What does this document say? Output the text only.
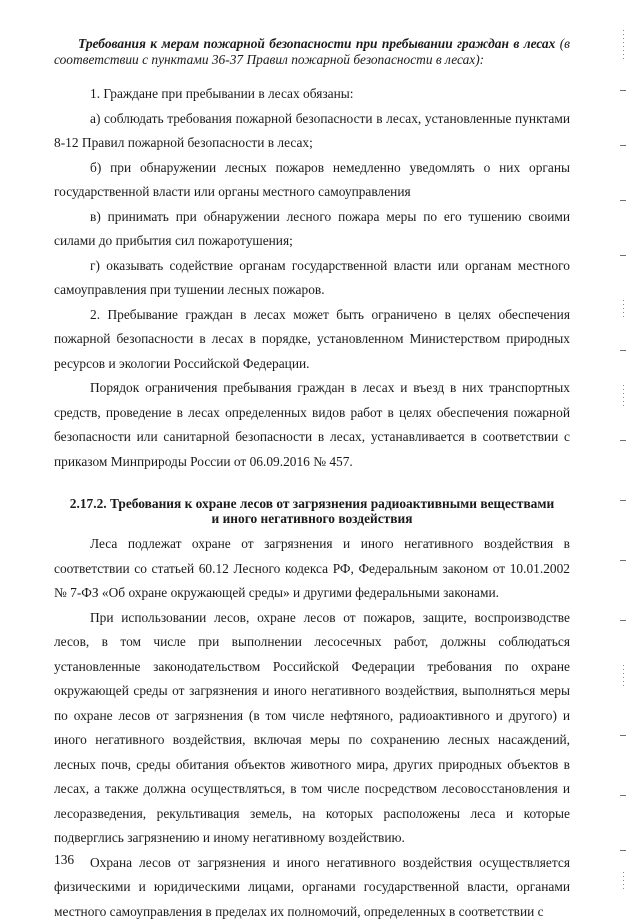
Требования к мерам пожарной безопасности при пребывании граждан в лесах (в соответствии с пунктами 36-37 Правил пожарной безопасности в лесах):

1. Граждане при пребывании в лесах обязаны:

а) соблюдать требования пожарной безопасности в лесах, установленные пунктами 8-12 Правил пожарной безопасности в лесах;

б) при обнаружении лесных пожаров немедленно уведомлять о них органы государственной власти или органы местного самоуправления

в) принимать при обнаружении лесного пожара меры по его тушению своими силами до прибытия сил пожаротушения;

г) оказывать содействие органам государственной власти или органам местного самоуправления при тушении лесных пожаров.

2. Пребывание граждан в лесах может быть ограничено в целях обеспечения пожарной безопасности в лесах в порядке, установленном Министерством природных ресурсов и экологии Российской Федерации.

Порядок ограничения пребывания граждан в лесах и въезд в них транспортных средств, проведение в лесах определенных видов работ в целях обеспечения пожарной безопасности или санитарной безопасности в лесах, устанавливается в соответствии с приказом Минприроды России от 06.09.2016 № 457.

2.17.2. Требования к охране лесов от загрязнения радиоактивными веществами
и иного негативного воздействия

Леса подлежат охране от загрязнения и иного негативного воздействия в соответствии со статьей 60.12 Лесного кодекса РФ, Федеральным законом от 10.01.2002 № 7-ФЗ «Об охране окружающей среды» и другими федеральными законами.

При использовании лесов, охране лесов от пожаров, защите, воспроизводстве лесов, в том числе при выполнении лесосечных работ, должны соблюдаться установленные законодательством Российской Федерации требования по охране окружающей среды от загрязнения и иного негативного воздействия, выполняться меры по охране лесов от загрязнения (в том числе нефтяного, радиоактивного и другого) и иного негативного воздействия, включая меры по сохранению лесных насаждений, лесных почв, среды обитания объектов животного мира, других природных объектов в лесах, а также должна осуществляться, в том числе посредством лесовосстановления и лесоразведения, рекультивация земель, на которых расположены леса и которые подверглись загрязнению и иному негативному воздействию.

Охрана лесов от загрязнения и иного негативного воздействия осуществляется физическими и юридическими лицами, органами государственной власти, органами местного самоуправления в пределах их полномочий, определенных в соответствии с

136
